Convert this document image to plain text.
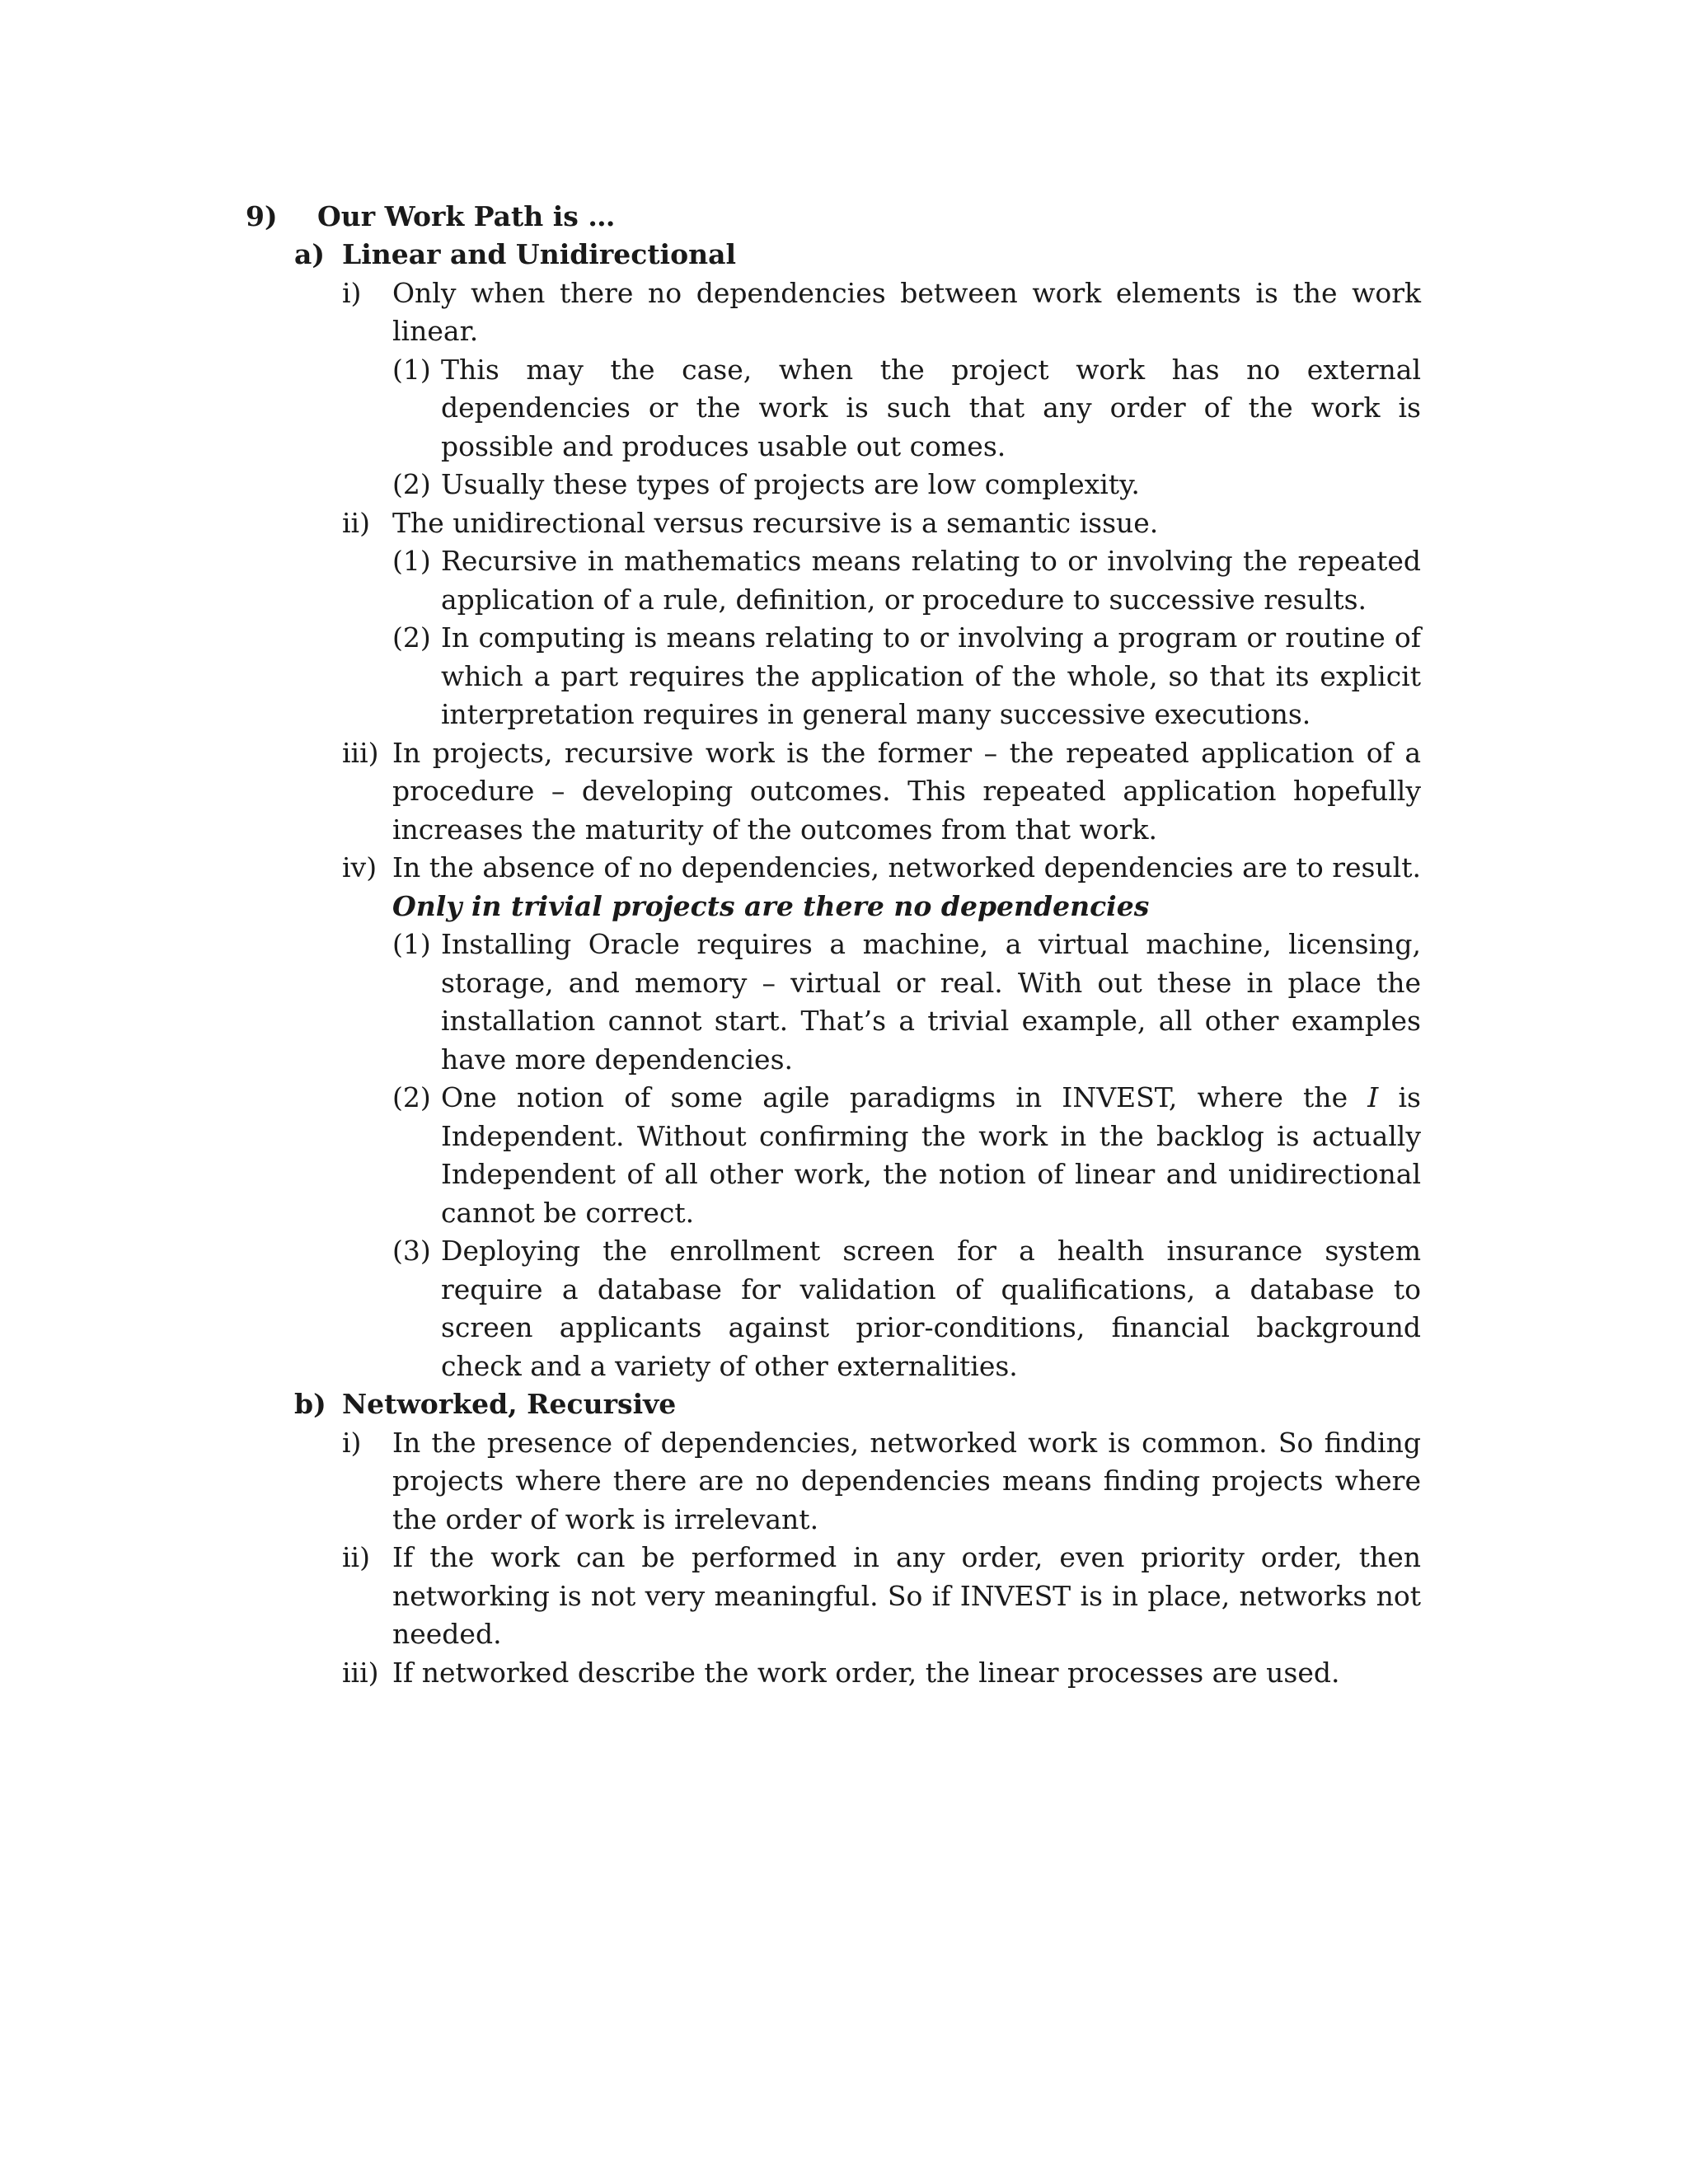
9) Our Work Path is …
a) Linear and Unidirectional
i) Only when there no dependencies between work elements is the work
linear.
(1) This may the case, when the project work has no external
dependencies or the work is such that any order of the work is
possible and produces usable out comes.
(2) Usually these types of projects are low complexity.
ii) The unidirectional versus recursive is a semantic issue.
(1) Recursive in mathematics means relating to or involving the repeated
application of a rule, definition, or procedure to successive results.
(2) In computing is means relating to or involving a program or routine of
which a part requires the application of the whole, so that its explicit
interpretation requires in general many successive executions.
iii) In projects, recursive work is the former – the repeated application of a
procedure – developing outcomes. This repeated application hopefully
increases the maturity of the outcomes from that work.
iv) In the absence of no dependencies, networked dependencies are to result.
Only in trivial projects are there no dependencies
(1) Installing Oracle requires a machine, a virtual machine, licensing,
storage, and memory – virtual or real. With out these in place the
installation cannot start. That’s a trivial example, all other examples
have more dependencies.
(2) One notion of some agile paradigms in INVEST, where the I is
Independent. Without confirming the work in the backlog is actually
Independent of all other work, the notion of linear and unidirectional
cannot be correct.
(3) Deploying the enrollment screen for a health insurance system
require a database for validation of qualifications, a database to
screen applicants against prior-conditions, financial background
check and a variety of other externalities.
b) Networked, Recursive
i) In the presence of dependencies, networked work is common. So finding
projects where there are no dependencies means finding projects where
the order of work is irrelevant.
ii) If the work can be performed in any order, even priority order, then
networking is not very meaningful. So if INVEST is in place, networks not
needed.
iii) If networked describe the work order, the linear processes are used.
